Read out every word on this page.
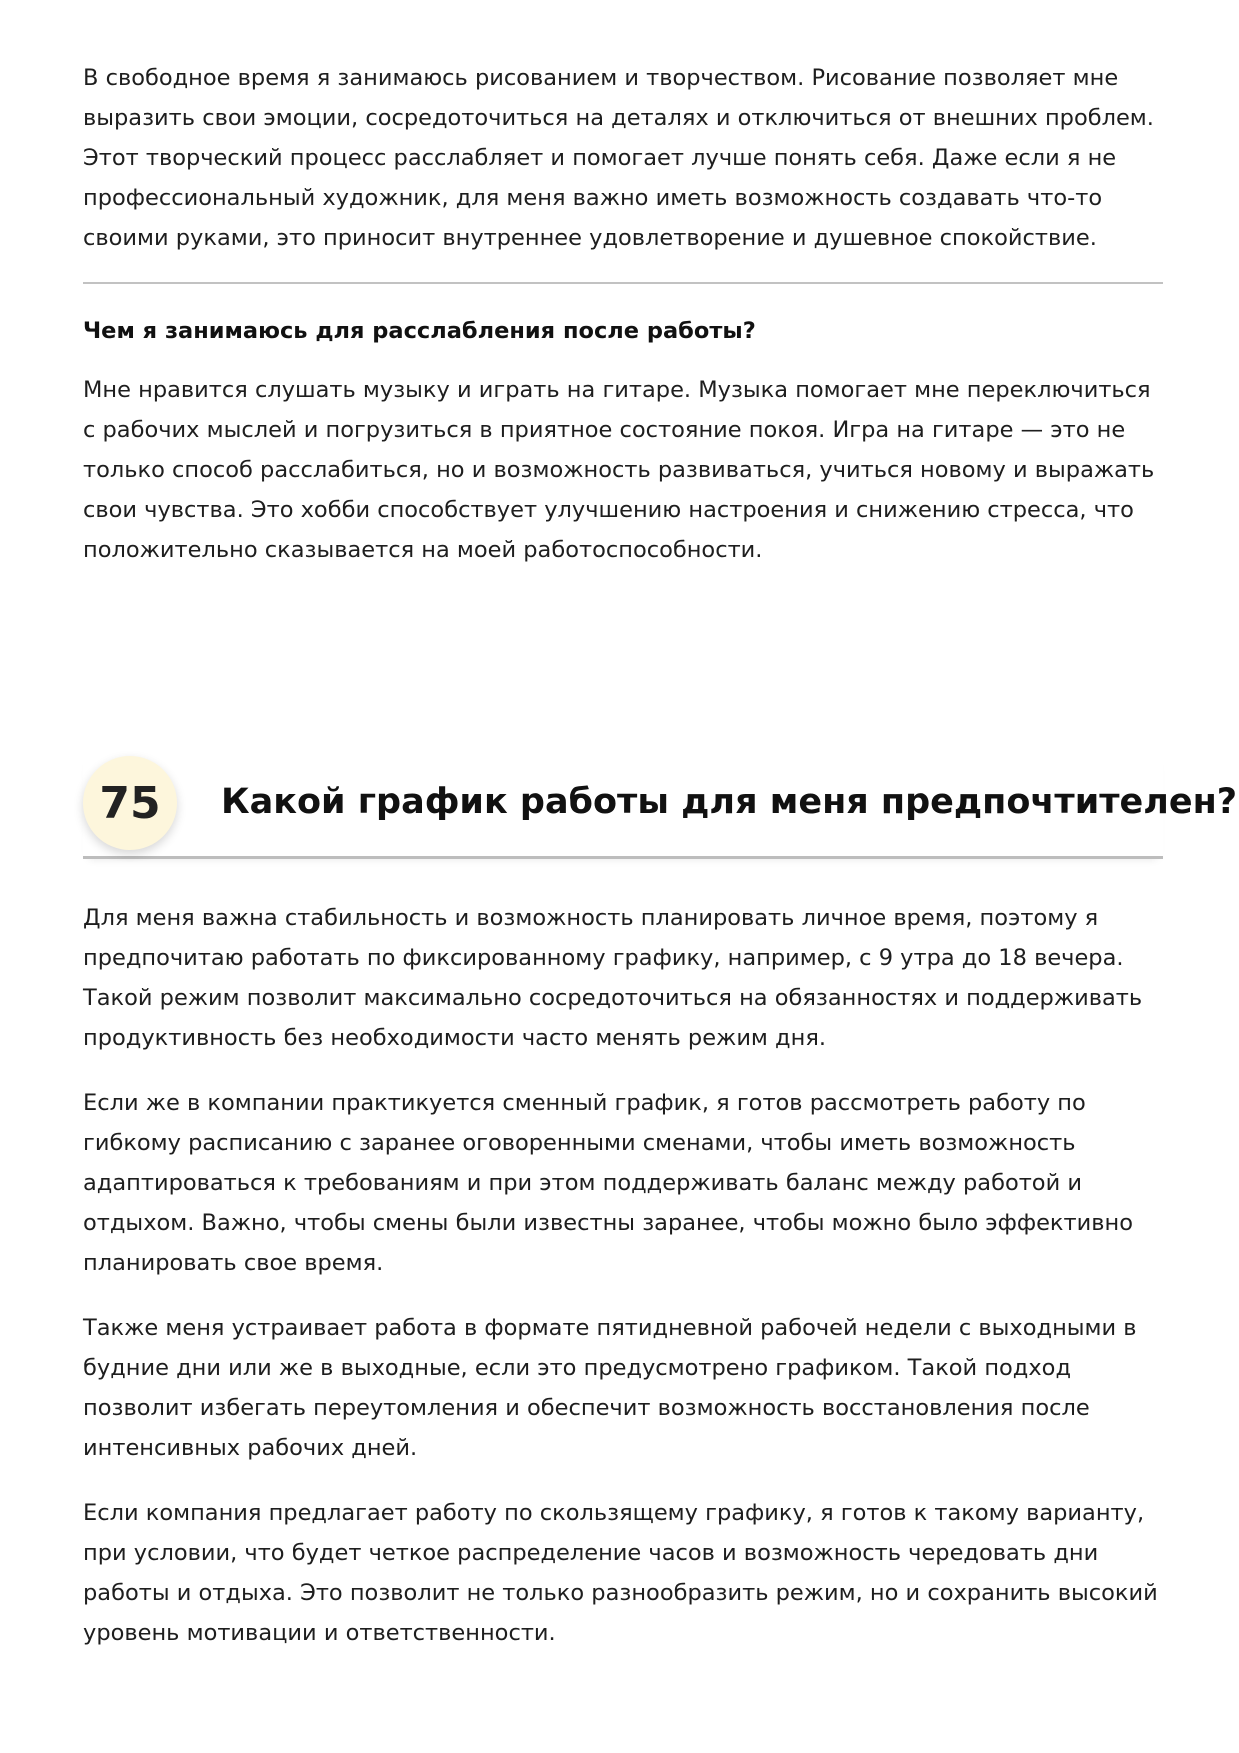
В свободное время я занимаюсь рисованием и творчеством. Рисование позволяет мне выразить свои эмоции, сосредоточиться на деталях и отключиться от внешних проблем. Этот творческий процесс расслабляет и помогает лучше понять себя. Даже если я не профессиональный художник, для меня важно иметь возможность создавать что-то своими руками, это приносит внутреннее удовлетворение и душевное спокойствие.

Чем я занимаюсь для расслабления после работы?

Мне нравится слушать музыку и играть на гитаре. Музыка помогает мне переключиться с рабочих мыслей и погрузиться в приятное состояние покоя. Игра на гитаре — это не только способ расслабиться, но и возможность развиваться, учиться новому и выражать свои чувства. Это хобби способствует улучшению настроения и снижению стресса, что положительно сказывается на моей работоспособности.

75	Какой график работы для меня предпочтителен?

Для меня важна стабильность и возможность планировать личное время, поэтому я предпочитаю работать по фиксированному графику, например, с 9 утра до 18 вечера. Такой режим позволит максимально сосредоточиться на обязанностях и поддерживать продуктивность без необходимости часто менять режим дня.

Если же в компании практикуется сменный график, я готов рассмотреть работу по гибкому расписанию с заранее оговоренными сменами, чтобы иметь возможность адаптироваться к требованиям и при этом поддерживать баланс между работой и отдыхом. Важно, чтобы смены были известны заранее, чтобы можно было эффективно планировать свое время.

Также меня устраивает работа в формате пятидневной рабочей недели с выходными в будние дни или же в выходные, если это предусмотрено графиком. Такой подход позволит избегать переутомления и обеспечит возможность восстановления после интенсивных рабочих дней.

Если компания предлагает работу по скользящему графику, я готов к такому варианту, при условии, что будет четкое распределение часов и возможность чередовать дни работы и отдыха. Это позволит не только разнообразить режим, но и сохранить высокий уровень мотивации и ответственности.
